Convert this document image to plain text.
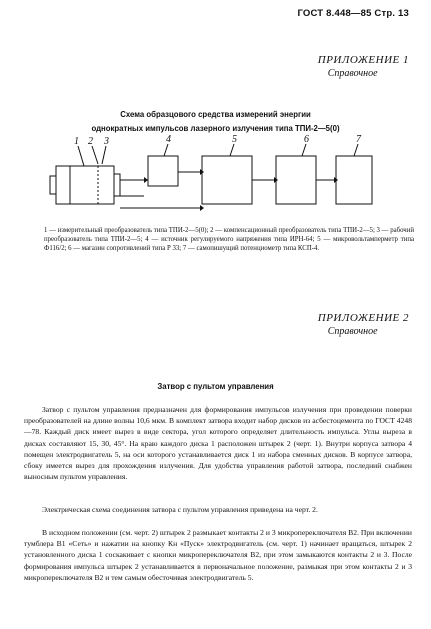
ГОСТ 8.448—85 Стр. 13
ПРИЛОЖЕНИЕ 1
Справочное
Схема образцового средства измерений энергии
однократных импульсов лазерного излучения типа ТПИ-2—5(0)
1 2 3	4	5	6	7
1 — измерительный преобразователь типа ТПИ-2—5(0); 2 — компенсационный преобразователь типа ТПИ-2—5; 3 — рабочий преобразователь типа ТПИ-2—5; 4 — источник регулируемого напряжения типа ИРН-64; 5 — микровольтамперметр типа Ф116/2; 6 — магазин сопротивлений типа Р 33; 7 — самопишущий потенциометр типа КСП-4.
ПРИЛОЖЕНИЕ 2
Справочное
Затвор с пультом управления

Затвор с пультом управления предназначен для формирования импульсов излучения при проведении поверки преобразователей на длине волны 10,6 мкм. В комплект затвора входит набор дисков из асбестоцемента по ГОСТ 4248—78. Каждый диск имеет вырез в виде сектора, угол которого определяет длительность импульса. Углы выреза в дисках составляют 15, 30, 45°. На краю каждого диска 1 расположен штырек 2 (черт. 1). Внутри корпуса затвора 4 помещен электродвигатель 5, на оси которого устанавливается диск 1 из набора сменных дисков. В корпусе затвора, сбоку имеется вырез для прохождения излучения. Для удобства управления работой затвора, последний снабжен выносным пультом управления.

Электрическая схема соединения затвора с пультом управления приведена на черт. 2.

В исходном положении (см. черт. 2) штырек 2 размыкает контакты 2 и 3 микропереключателя В2. При включении тумблера В1 «Сеть» и нажатии на кнопку Кн «Пуск» электродвигатель (см. черт. 1) начинает вращаться, штырек 2 установленного диска 1 соскакивает с кнопки микропереключателя В2, при этом замыкаются контакты 2 и 3. После формирования импульса штырек 2 устанавливается в первоначальное положение, размыкая при этом контакты 2 и 3 микропереключателя В2 и тем самым обесточивая электродвигатель 5.
